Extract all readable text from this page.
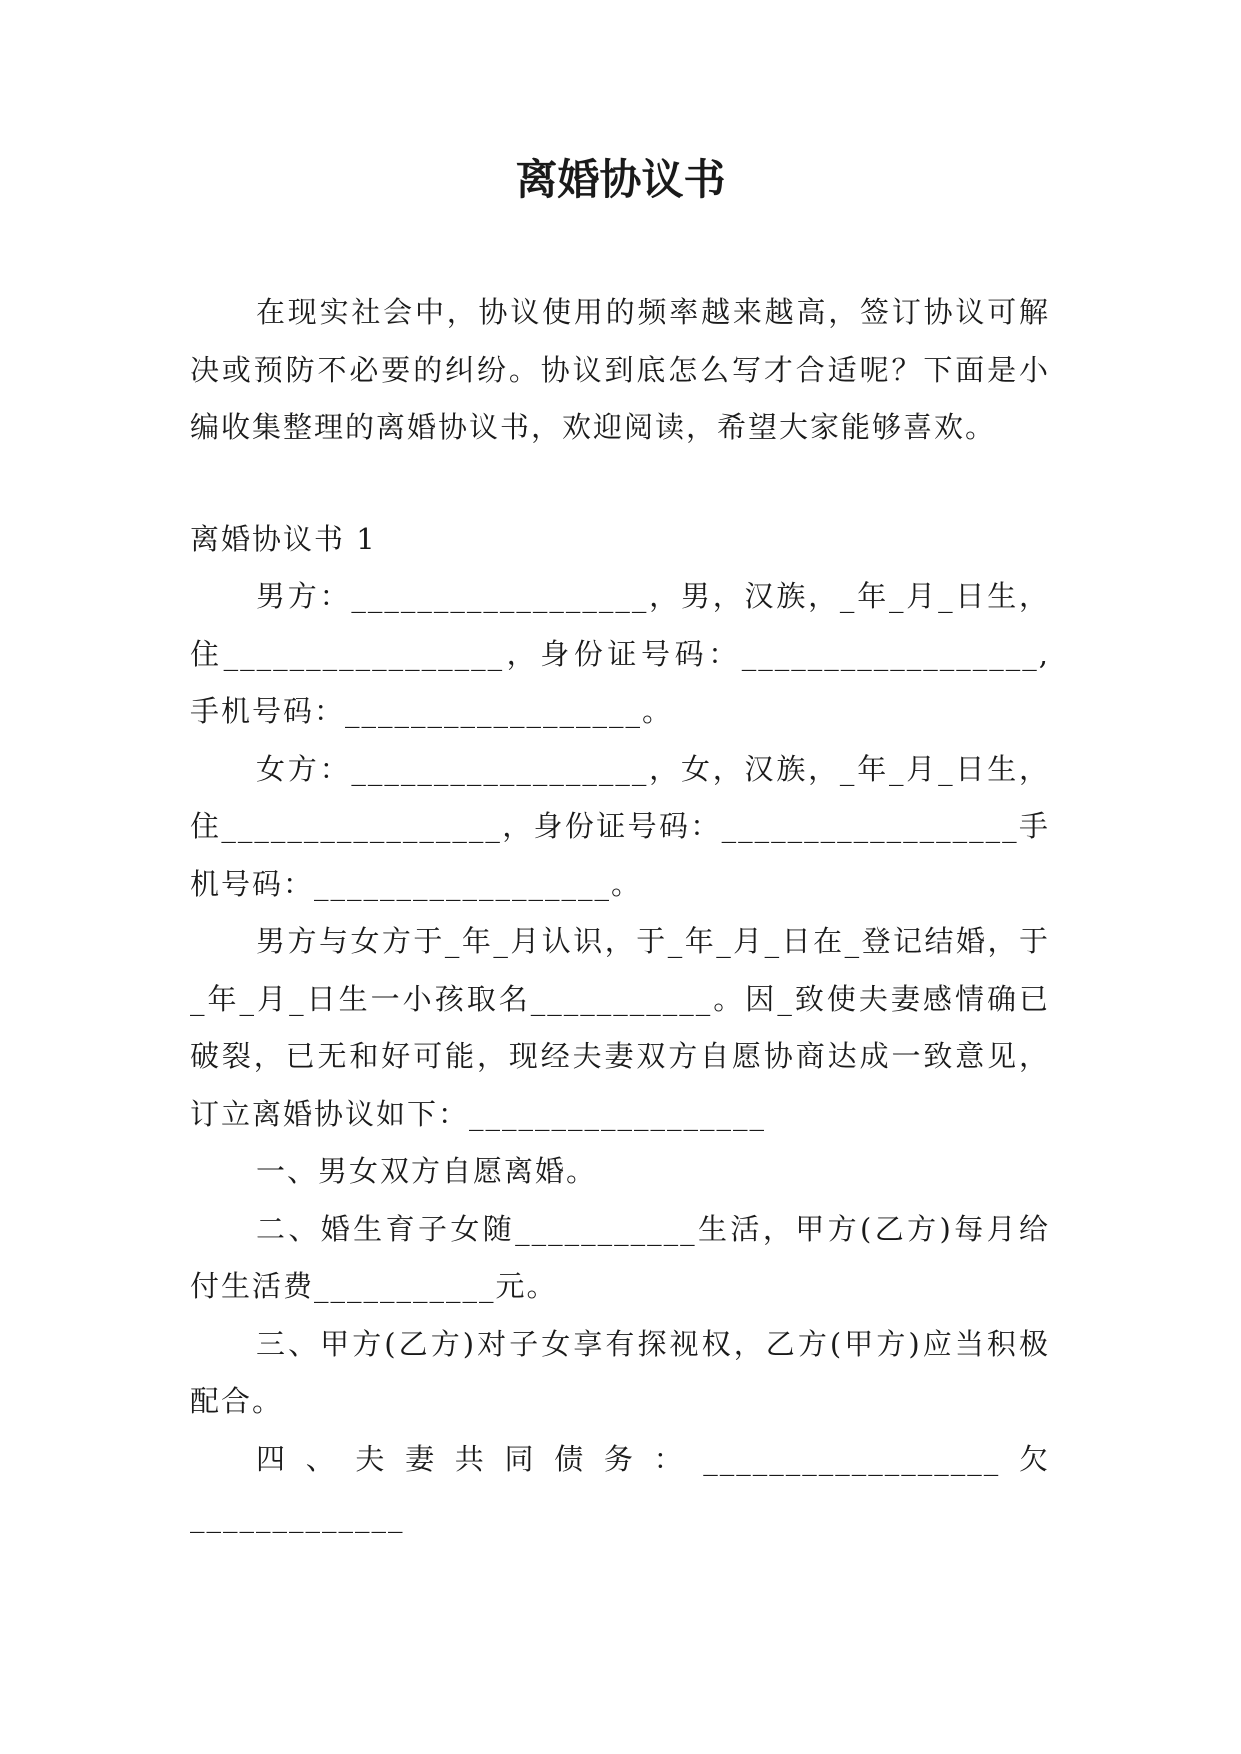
离婚协议书

在现实社会中，协议使用的频率越来越高，签订协议可解决或预防不必要的纠纷。协议到底怎么写才合适呢？下面是小编收集整理的离婚协议书，欢迎阅读，希望大家能够喜欢。

离婚协议书 1

男方：__________________，男，汉族，_年_月_日生，住_________________，身份证号码：__________________,手机号码：__________________。

女方：__________________，女，汉族，_年_月_日生，住_________________，身份证号码：__________________手机号码：__________________。

男方与女方于_年_月认识，于_年_月_日在_登记结婚，于_年_月_日生一小孩取名___________。因_致使夫妻感情确已破裂，已无和好可能，现经夫妻双方自愿协商达成一致意见，订立离婚协议如下：__________________

一、男女双方自愿离婚。

二、婚生育子女随___________生活，甲方(乙方)每月给付生活费___________元。

三、甲方(乙方)对子女享有探视权，乙方(甲方)应当积极配合。

四、夫妻共同债务：__________________欠_____________
